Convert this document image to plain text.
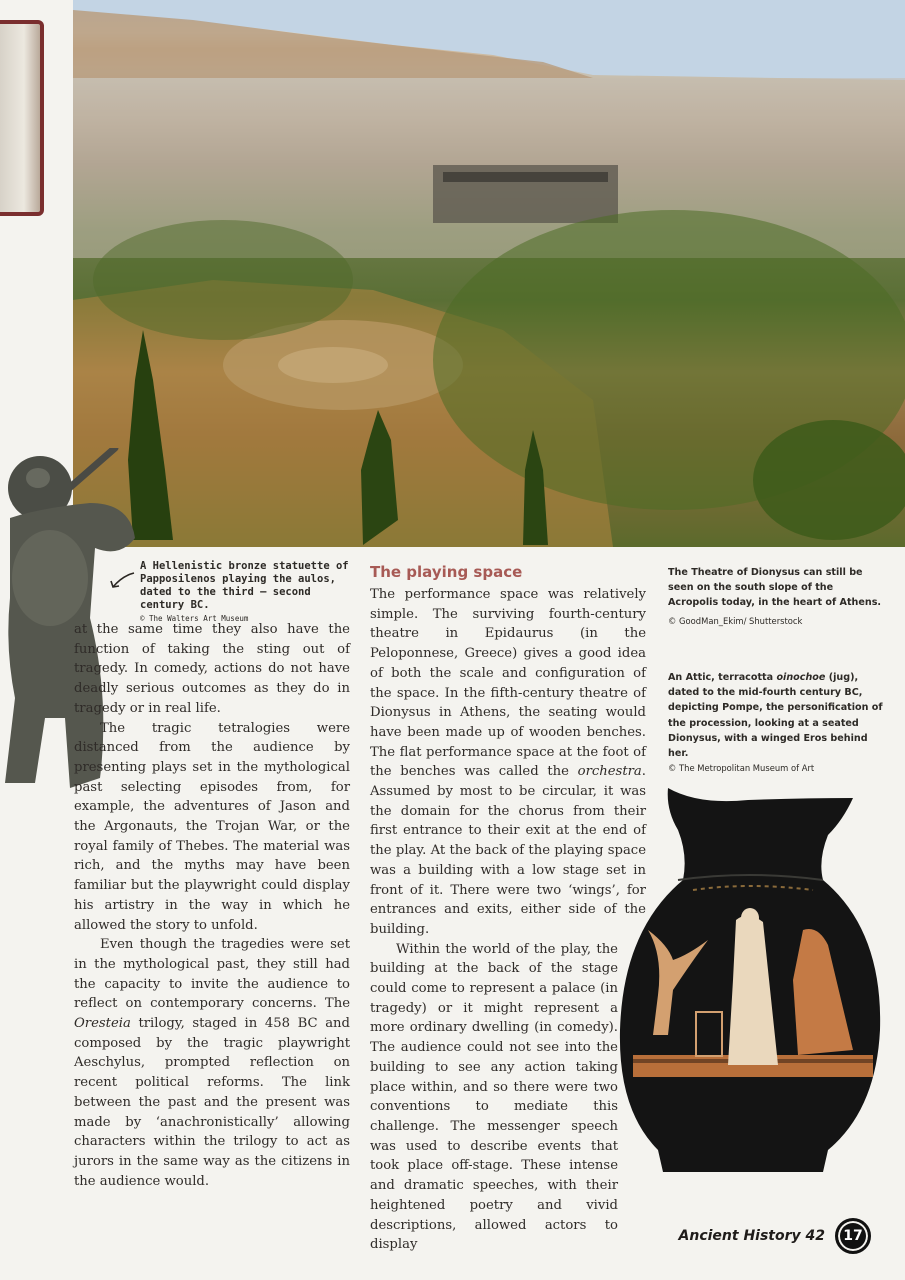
A Hellenistic bronze statuette of Papposilenos playing the aulos, dated to the third – second century BC.
© The Walters Art Museum

at the same time they also have the function of taking the sting out of tragedy. In comedy, actions do not have deadly serious outcomes as they do in tragedy or in real life.

The tragic tetralogies were distanced from the audience by presenting plays set in the mythological past selecting episodes from, for example, the adventures of Jason and the Argonauts, the Trojan War, or the royal family of Thebes. The material was rich, and the myths may have been familiar but the playwright could display his artistry in the way in which he allowed the story to unfold.

Even though the tragedies were set in the mythological past, they still had the capacity to invite the audience to reflect on contemporary concerns. The Oresteia trilogy, staged in 458 BC and composed by the tragic playwright Aeschylus, prompted reflection on recent political reforms. The link between the past and the present was made by ‘anachronistically’ allowing characters within the trilogy to act as jurors in the same way as the citizens in the audience would.

The playing space

The performance space was relatively simple. The surviving fourth-century theatre in Epidaurus (in the Peloponnese, Greece) gives a good idea of both the scale and configuration of the space. In the fifth-century theatre of Dionysus in Athens, the seating would have been made up of wooden benches. The flat performance space at the foot of the benches was called the orchestra. Assumed by most to be circular, it was the domain for the chorus from their first entrance to their exit at the end of the play. At the back of the playing space was a building with a low stage set in front of it. There were two ‘wings’, for entrances and exits, either side of the building.

Within the world of the play, the building at the back of the stage could come to represent a palace (in tragedy) or it might represent a more ordinary dwelling (in comedy). The audience could not see into the building to see any action taking place within, and so there were two conventions to mediate this challenge. The messenger speech was used to describe events that took place off-stage. These intense and dramatic speeches, with their heightened poetry and vivid descriptions, allowed actors to display

The Theatre of Dionysus can still be seen on the south slope of the Acropolis today, in the heart of Athens.
© GoodMan_Ekim/ Shutterstock
An Attic, terracotta oinochoe (jug), dated to the mid-fourth century BC, depicting Pompe, the personification of the procession, looking at a seated Dionysus, with a winged Eros behind her.
© The Metropolitan Museum of Art
Ancient History 42	17
